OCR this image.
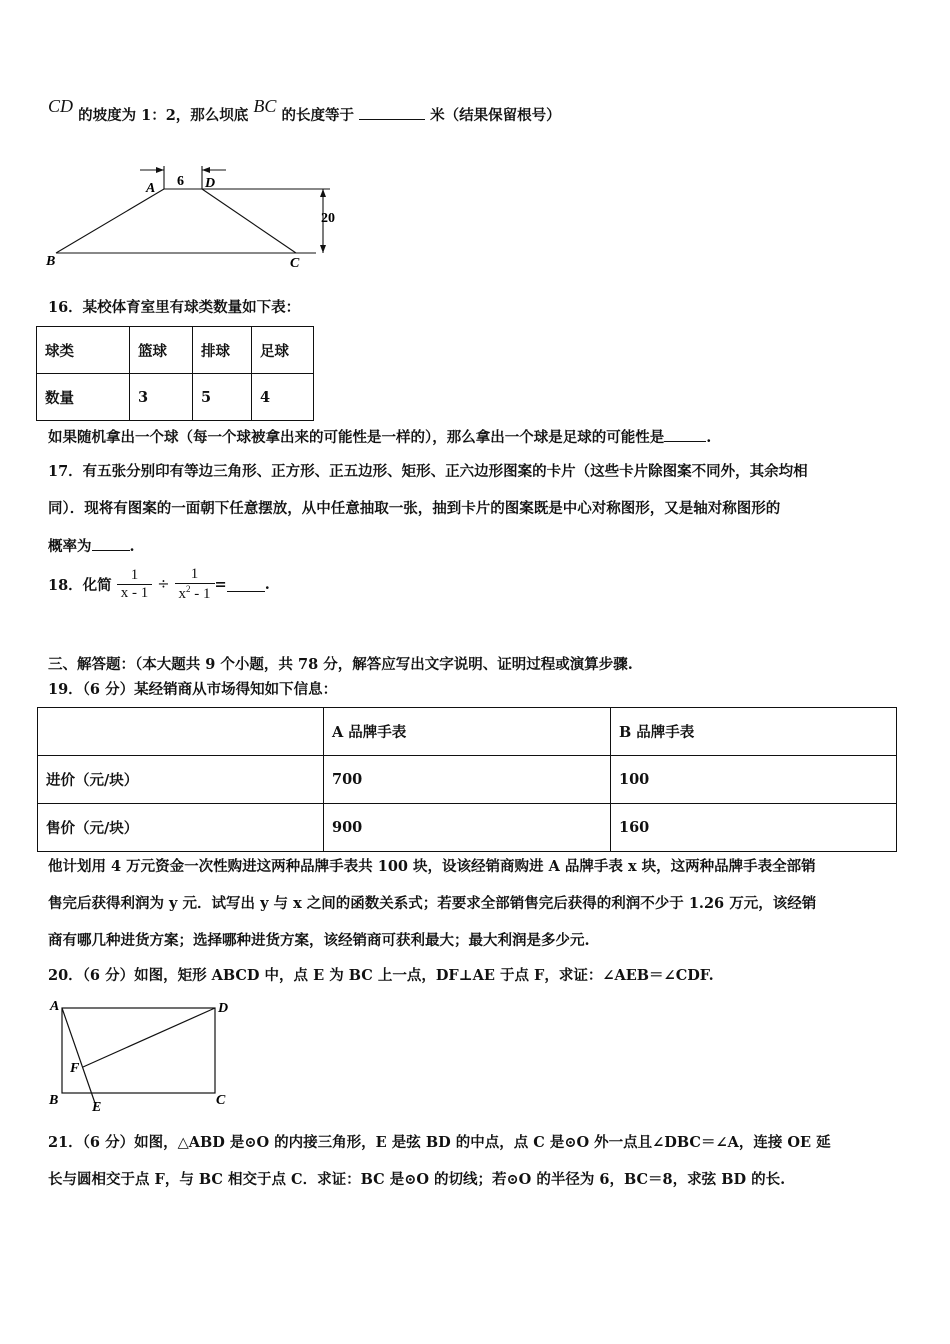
CD 的坡度为 1：2，那么坝底 BC 的长度等于	米（结果保留根号）
A	D
B	C
6
20
16．某校体育室里有球类数量如下表：
球类	篮球	排球	足球
数量	3	5	4
如果随机拿出一个球（每一个球被拿出来的可能性是一样的），那么拿出一个球是足球的可能性是	.
17．有五张分别印有等边三角形、正方形、正五边形、矩形、正六边形图案的卡片（这些卡片除图案不同外，其余均相
同）．现将有图案的一面朝下任意摆放，从中任意抽取一张，抽到卡片的图案既是中心对称图形，又是轴对称图形的
概率为	.
18．化简 $\frac{1}{x - 1} \div \frac{1}{x^2 - 1}$ =	.
三、解答题：（本大题共 9 个小题，共 78 分，解答应写出文字说明、证明过程或演算步骤.
19．（6 分）某经销商从市场得知如下信息：
	A 品牌手表	B 品牌手表
进价（元/块）	700	100
售价（元/块）	900	160
他计划用 4 万元资金一次性购进这两种品牌手表共 100 块，设该经销商购进 A 品牌手表 x 块，这两种品牌手表全部销
售完后获得利润为 y 元．试写出 y 与 x 之间的函数关系式；若要求全部销售完后获得的利润不少于 1.26 万元，该经销
商有哪几种进货方案；选择哪种进货方案，该经销商可获利最大；最大利润是多少元.
20．（6 分）如图，矩形 ABCD 中，点 E 为 BC 上一点，DF⊥AE 于点 F，求证：∠AEB＝∠CDF.
A	D
B	C
E
F
21．（6 分）如图，△ABD 是⊙O 的内接三角形，E 是弦 BD 的中点，点 C 是⊙O 外一点且∠DBC＝∠A，连接 OE 延
长与圆相交于点 F，与 BC 相交于点 C．求证：BC 是⊙O 的切线；若⊙O 的半径为 6，BC＝8，求弦 BD 的长.
